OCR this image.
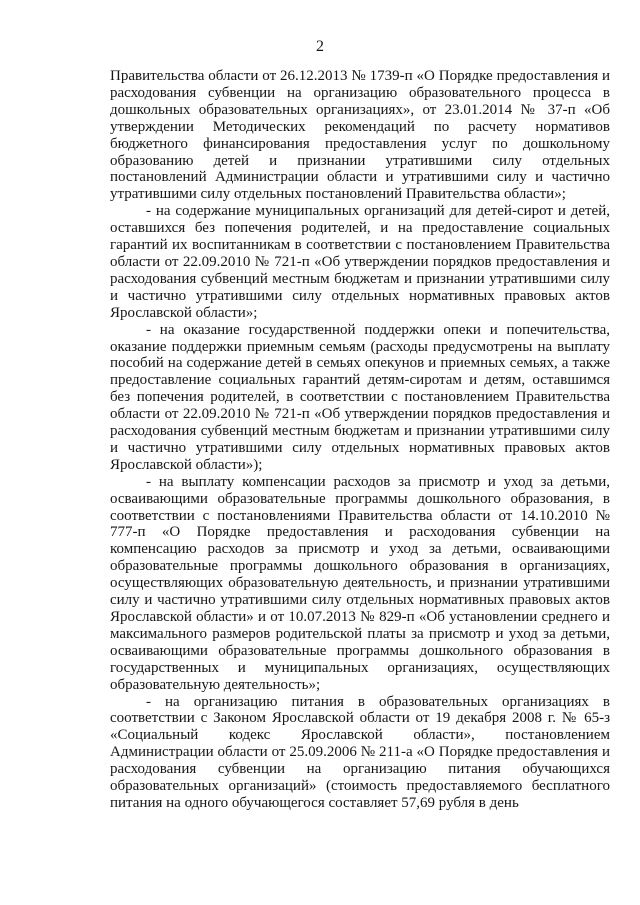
2

Правительства области от 26.12.2013 № 1739-п «О Порядке предоставления и расходования субвенции на организацию образовательного процесса в дошкольных образовательных организациях», от 23.01.2014 № 37-п «Об утверждении Методических рекомендаций по расчету нормативов бюджетного финансирования предоставления услуг по дошкольному образованию детей и признании утратившими силу отдельных постановлений Администрации области и утратившими силу и частично утратившими силу отдельных постановлений Правительства области»;

- на содержание муниципальных организаций для детей-сирот и детей, оставшихся без попечения родителей, и на предоставление социальных гарантий их воспитанникам в соответствии с постановлением Правительства области от 22.09.2010 № 721-п «Об утверждении порядков предоставления и расходования субвенций местным бюджетам и признании утратившими силу и частично утратившими силу отдельных нормативных правовых актов Ярославской области»;

- на оказание государственной поддержки опеки и попечительства, оказание поддержки приемным семьям (расходы предусмотрены на выплату пособий на содержание детей в семьях опекунов и приемных семьях, а также предоставление социальных гарантий детям-сиротам и детям, оставшимся без попечения родителей, в соответствии с постановлением Правительства области от 22.09.2010 № 721-п «Об утверждении порядков предоставления и расходования субвенций местным бюджетам и признании утратившими силу и частично утратившими силу отдельных нормативных правовых актов Ярославской области»);

- на выплату компенсации расходов за присмотр и уход за детьми, осваивающими образовательные программы дошкольного образования, в соответствии с постановлениями Правительства области от 14.10.2010 № 777-п «О Порядке предоставления и расходования субвенции на компенсацию расходов за присмотр и уход за детьми, осваивающими образовательные программы дошкольного образования в организациях, осуществляющих образовательную деятельность, и признании утратившими силу и частично утратившими силу отдельных нормативных правовых актов Ярославской области» и от 10.07.2013 № 829-п «Об установлении среднего и максимального размеров родительской платы за присмотр и уход за детьми, осваивающими образовательные программы дошкольного образования в государственных и муниципальных организациях, осуществляющих образовательную деятельность»;

- на организацию питания в образовательных организациях в соответствии с Законом Ярославской области от 19 декабря 2008 г. № 65-з «Социальный кодекс Ярославской области», постановлением Администрации области от 25.09.2006 № 211-а «О Порядке предоставления и расходования субвенции на организацию питания обучающихся образовательных организаций» (стоимость предоставляемого бесплатного питания на одного обучающегося составляет 57,69 рубля в день
